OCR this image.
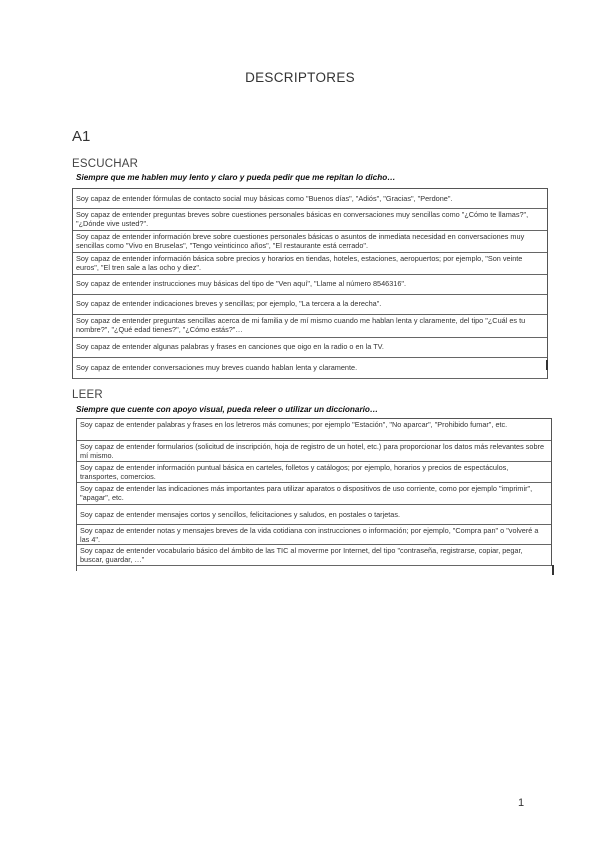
DESCRIPTORES
A1
ESCUCHAR
Siempre que me hablen muy lento y claro y pueda pedir que me repitan lo dicho…
Soy capaz de entender fórmulas de contacto social muy básicas como "Buenos días", "Adiós", "Gracias", "Perdone".
Soy capaz de entender preguntas breves sobre cuestiones personales básicas en conversaciones muy sencillas como "¿Cómo te llamas?", "¿Dónde vive usted?".
Soy capaz de entender información breve sobre cuestiones personales básicas o asuntos de inmediata necesidad en conversaciones muy sencillas como "Vivo en Bruselas", "Tengo veinticinco años", "El restaurante está cerrado".
Soy capaz de entender información básica sobre precios y horarios en tiendas, hoteles, estaciones, aeropuertos; por ejemplo, "Son veinte euros", "El tren sale a las ocho y diez".
Soy capaz de entender instrucciones muy básicas del tipo de "Ven aquí", "Llame al número 8546316".
Soy capaz de entender indicaciones breves y sencillas; por ejemplo, "La tercera a la derecha".
Soy capaz de entender preguntas sencillas acerca de mi familia y de mí mismo cuando me hablan lenta y claramente, del tipo "¿Cuál es tu nombre?", "¿Qué edad tienes?", "¿Cómo estás?"…
Soy capaz de entender algunas palabras y frases en canciones que oigo en la radio o en la TV.
Soy capaz de entender conversaciones muy breves cuando hablan lenta y claramente.
LEER
Siempre que cuente con apoyo visual, pueda releer o utilizar un diccionario…
Soy capaz de entender palabras y frases en los letreros más comunes; por ejemplo "Estación", "No aparcar", "Prohibido fumar", etc.
Soy capaz de entender formularios (solicitud de inscripción, hoja de registro de un hotel, etc.) para proporcionar los datos más relevantes sobre mí mismo.
Soy capaz de entender información puntual básica en carteles, folletos y catálogos; por ejemplo, horarios y precios de espectáculos, transportes, comercios.
Soy capaz de entender las indicaciones más importantes para utilizar aparatos o dispositivos de uso corriente, como por ejemplo "imprimir", "apagar", etc.
Soy capaz de entender mensajes cortos y sencillos, felicitaciones y saludos, en postales o tarjetas.
Soy capaz de entender notas y mensajes breves de la vida cotidiana con instrucciones o información; por ejemplo, "Compra pan" o "volveré a las 4".
Soy capaz de entender vocabulario básico del ámbito de las TIC al moverme por Internet, del tipo "contraseña, registrarse, copiar, pegar, buscar, guardar, …"
1
